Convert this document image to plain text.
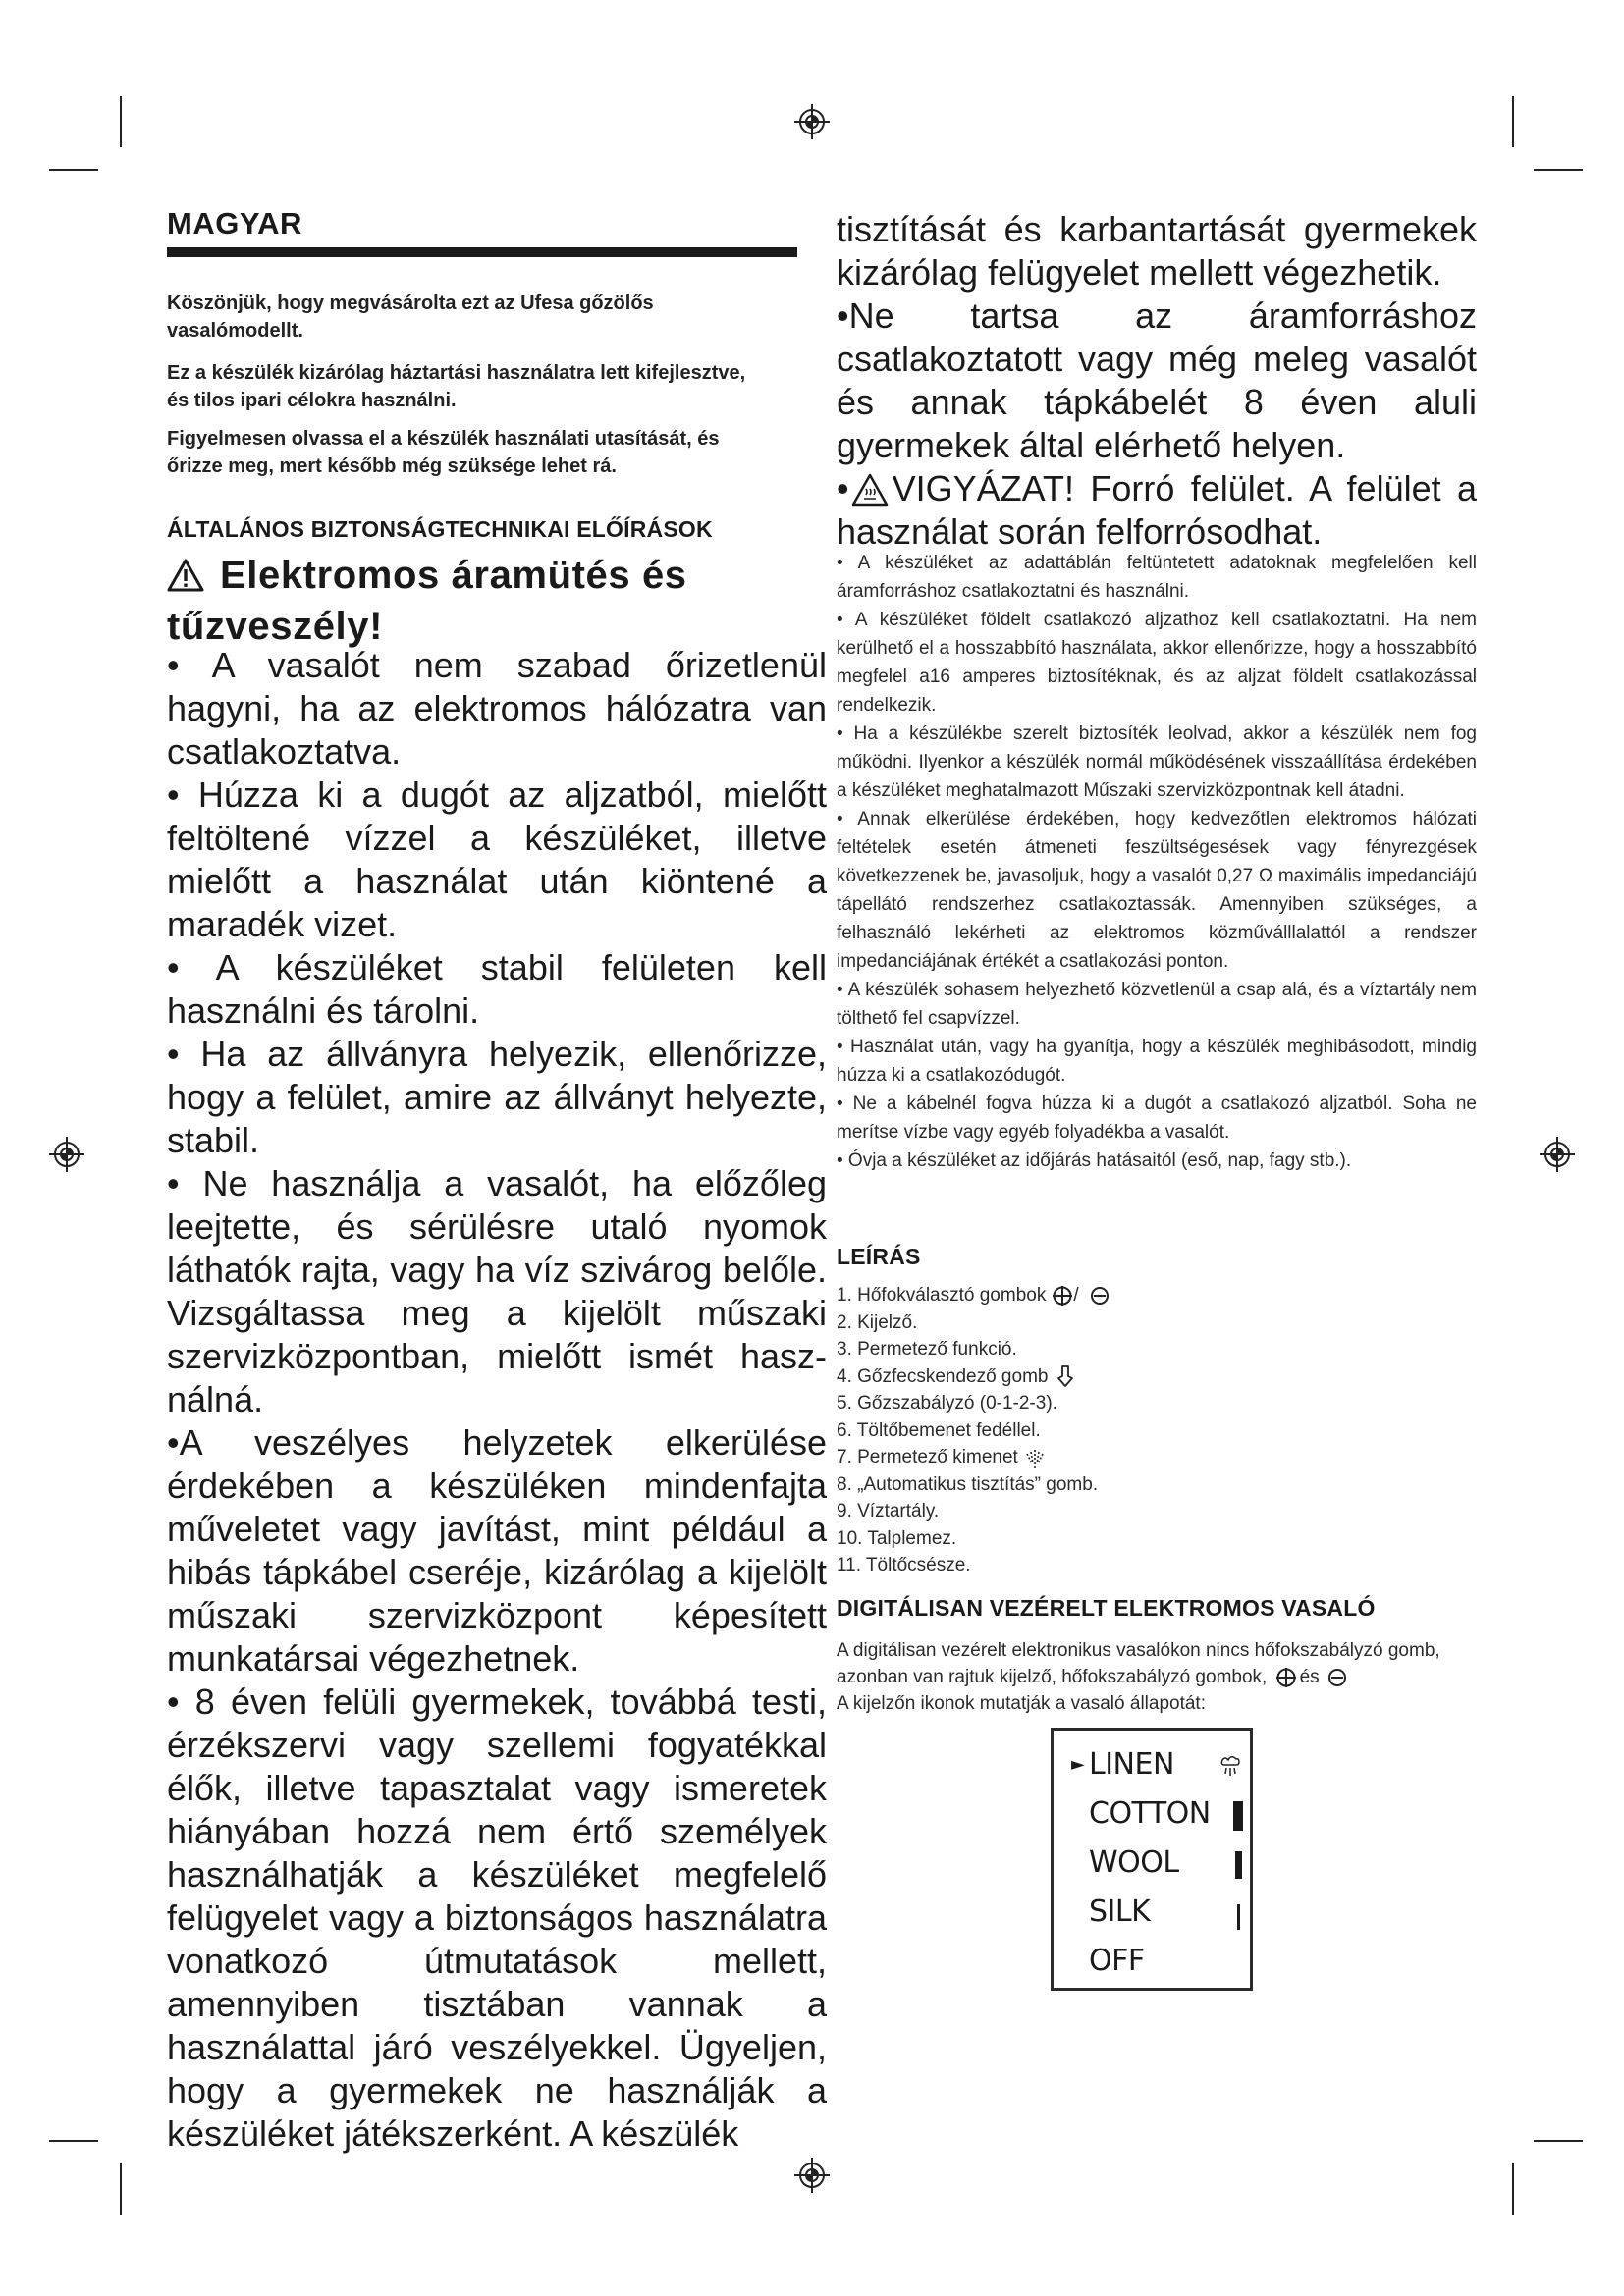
MAGYAR
Köszönjük, hogy megvásárolta ezt az Ufesa gőzölős vasalómodellt.
Ez a készülék kizárólag háztartási használatra lett kifejlesztve, és tilos ipari célokra használni.
Figyelmesen olvassa el a készülék használati utasítását, és őrizze meg, mert később még szüksége lehet rá.
ÁLTALÁNOS BIZTONSÁGTECHNIKAI ELŐÍRÁSOK
Elektromos áramütés és tűzveszély!

• A vasalót nem szabad őrizetlenül hagyni, ha az elektromos hálózatra van csatlakoztatva.

• Húzza ki a dugót az aljzatból, mielőtt feltöltené vízzel a készüléket, illetve mielőtt a használat után kiöntené a maradék vizet.

• A készüléket stabil felületen kell használni és tárolni.

• Ha az állványra helyezik, ellenőrizze, hogy a felület, amire az állványt helyezte, stabil.

• Ne használja a vasalót, ha előzőleg leejtette, és sérülésre utaló nyomok láthatók rajta, vagy ha víz szivárog belőle. Vizsgáltassa meg a kijelölt műszaki szervizközpontban, mielőtt ismét használná.

•A veszélyes helyzetek elkerülése érdekében a készüléken mindenfajta műveletet vagy javítást, mint például a hibás tápkábel cseréje, kizárólag a kijelölt műszaki szervizközpont képesített munkatársai végezhetnek.

• 8 éven felüli gyermekek, továbbá testi, érzékszervi vagy szellemi fogyatékkal élők, illetve tapasztalat vagy ismeretek hiányában hozzá nem értő személyek használhatják a készüléket megfelelő felügyelet vagy a biztonságos használatra vonatkozó útmutatások mellett, amennyiben tisztában vannak a használattal járó veszélyekkel. Ügyeljen, hogy a gyermekek ne használják a készüléket játékszerként. A készülék

tisztítását és karbantartását gyermekek kizárólag felügyelet mellett végezhetik.

•Ne tartsa az áramforráshoz csatlakoztatott vagy még meleg vasalót és annak tápkábelét 8 éven aluli gyermekek által elérhető helyen.

• VIGYÁZAT! Forró felület. A felület a használat során felforrósodhat.

• A készüléket az adattáblán feltüntetett adatoknak megfelelően kell áramforráshoz csatlakoztatni és használni.

• A készüléket földelt csatlakozó aljzathoz kell csatlakoztatni. Ha nem kerülhető el a hosszabbító használata, akkor ellenőrizze, hogy a hosszabbító megfelel a16 amperes biztosítéknak, és az aljzat földelt csatlakozással rendelkezik.

• Ha a készülékbe szerelt biztosíték leolvad, akkor a készülék nem fog működni. Ilyenkor a készülék normál működésének visszaállítása érdekében a készüléket meghatalmazott Műszaki szervizközpontnak kell átadni.

• Annak elkerülése érdekében, hogy kedvezőtlen elektromos hálózati feltételek esetén átmeneti feszültségesések vagy fényrezgések következzenek be, javasoljuk, hogy a vasalót 0,27 Ω maximális impedanciájú tápellátó rendszerhez csatlakoztassák. Amennyiben szükséges, a felhasználó lekérheti az elektromos közműválllalattól a rendszer impedanciájának értékét a csatlakozási ponton.

• A készülék sohasem helyezhető közvetlenül a csap alá, és a víztartály nem tölthető fel csapvízzel.

• Használat után, vagy ha gyanítja, hogy a készülék meghibásodott, mindig húzza ki a csatlakozódugót.

• Ne a kábelnél fogva húzza ki a dugót a csatlakozó aljzatból. Soha ne merítse vízbe vagy egyéb folyadékba a vasalót.

• Óvja a készüléket az időjárás hatásaitól (eső, nap, fagy stb.).

LEÍRÁS
1. Hőfokválasztó gombok /
2. Kijelző.
3. Permetező funkció.
4. Gőzfecskendező gomb
5. Gőzszabályzó (0-1-2-3).
6. Töltőbemenet fedéllel.
7. Permetező kimenet
8. „Automatikus tisztítás” gomb.
9. Víztartály.
10. Talplemez.
11. Töltőcsésze.
DIGITÁLISAN VEZÉRELT ELEKTROMOS VASALÓ
A digitálisan vezérelt elektronikus vasalókon nincs hőfokszabályzó gomb, azonban van rajtuk kijelző, hőfokszabályzó gombok, és
A kijelzőn ikonok mutatják a vasaló állapotát:
► LINEN
COTTON
WOOL
SILK
OFF
